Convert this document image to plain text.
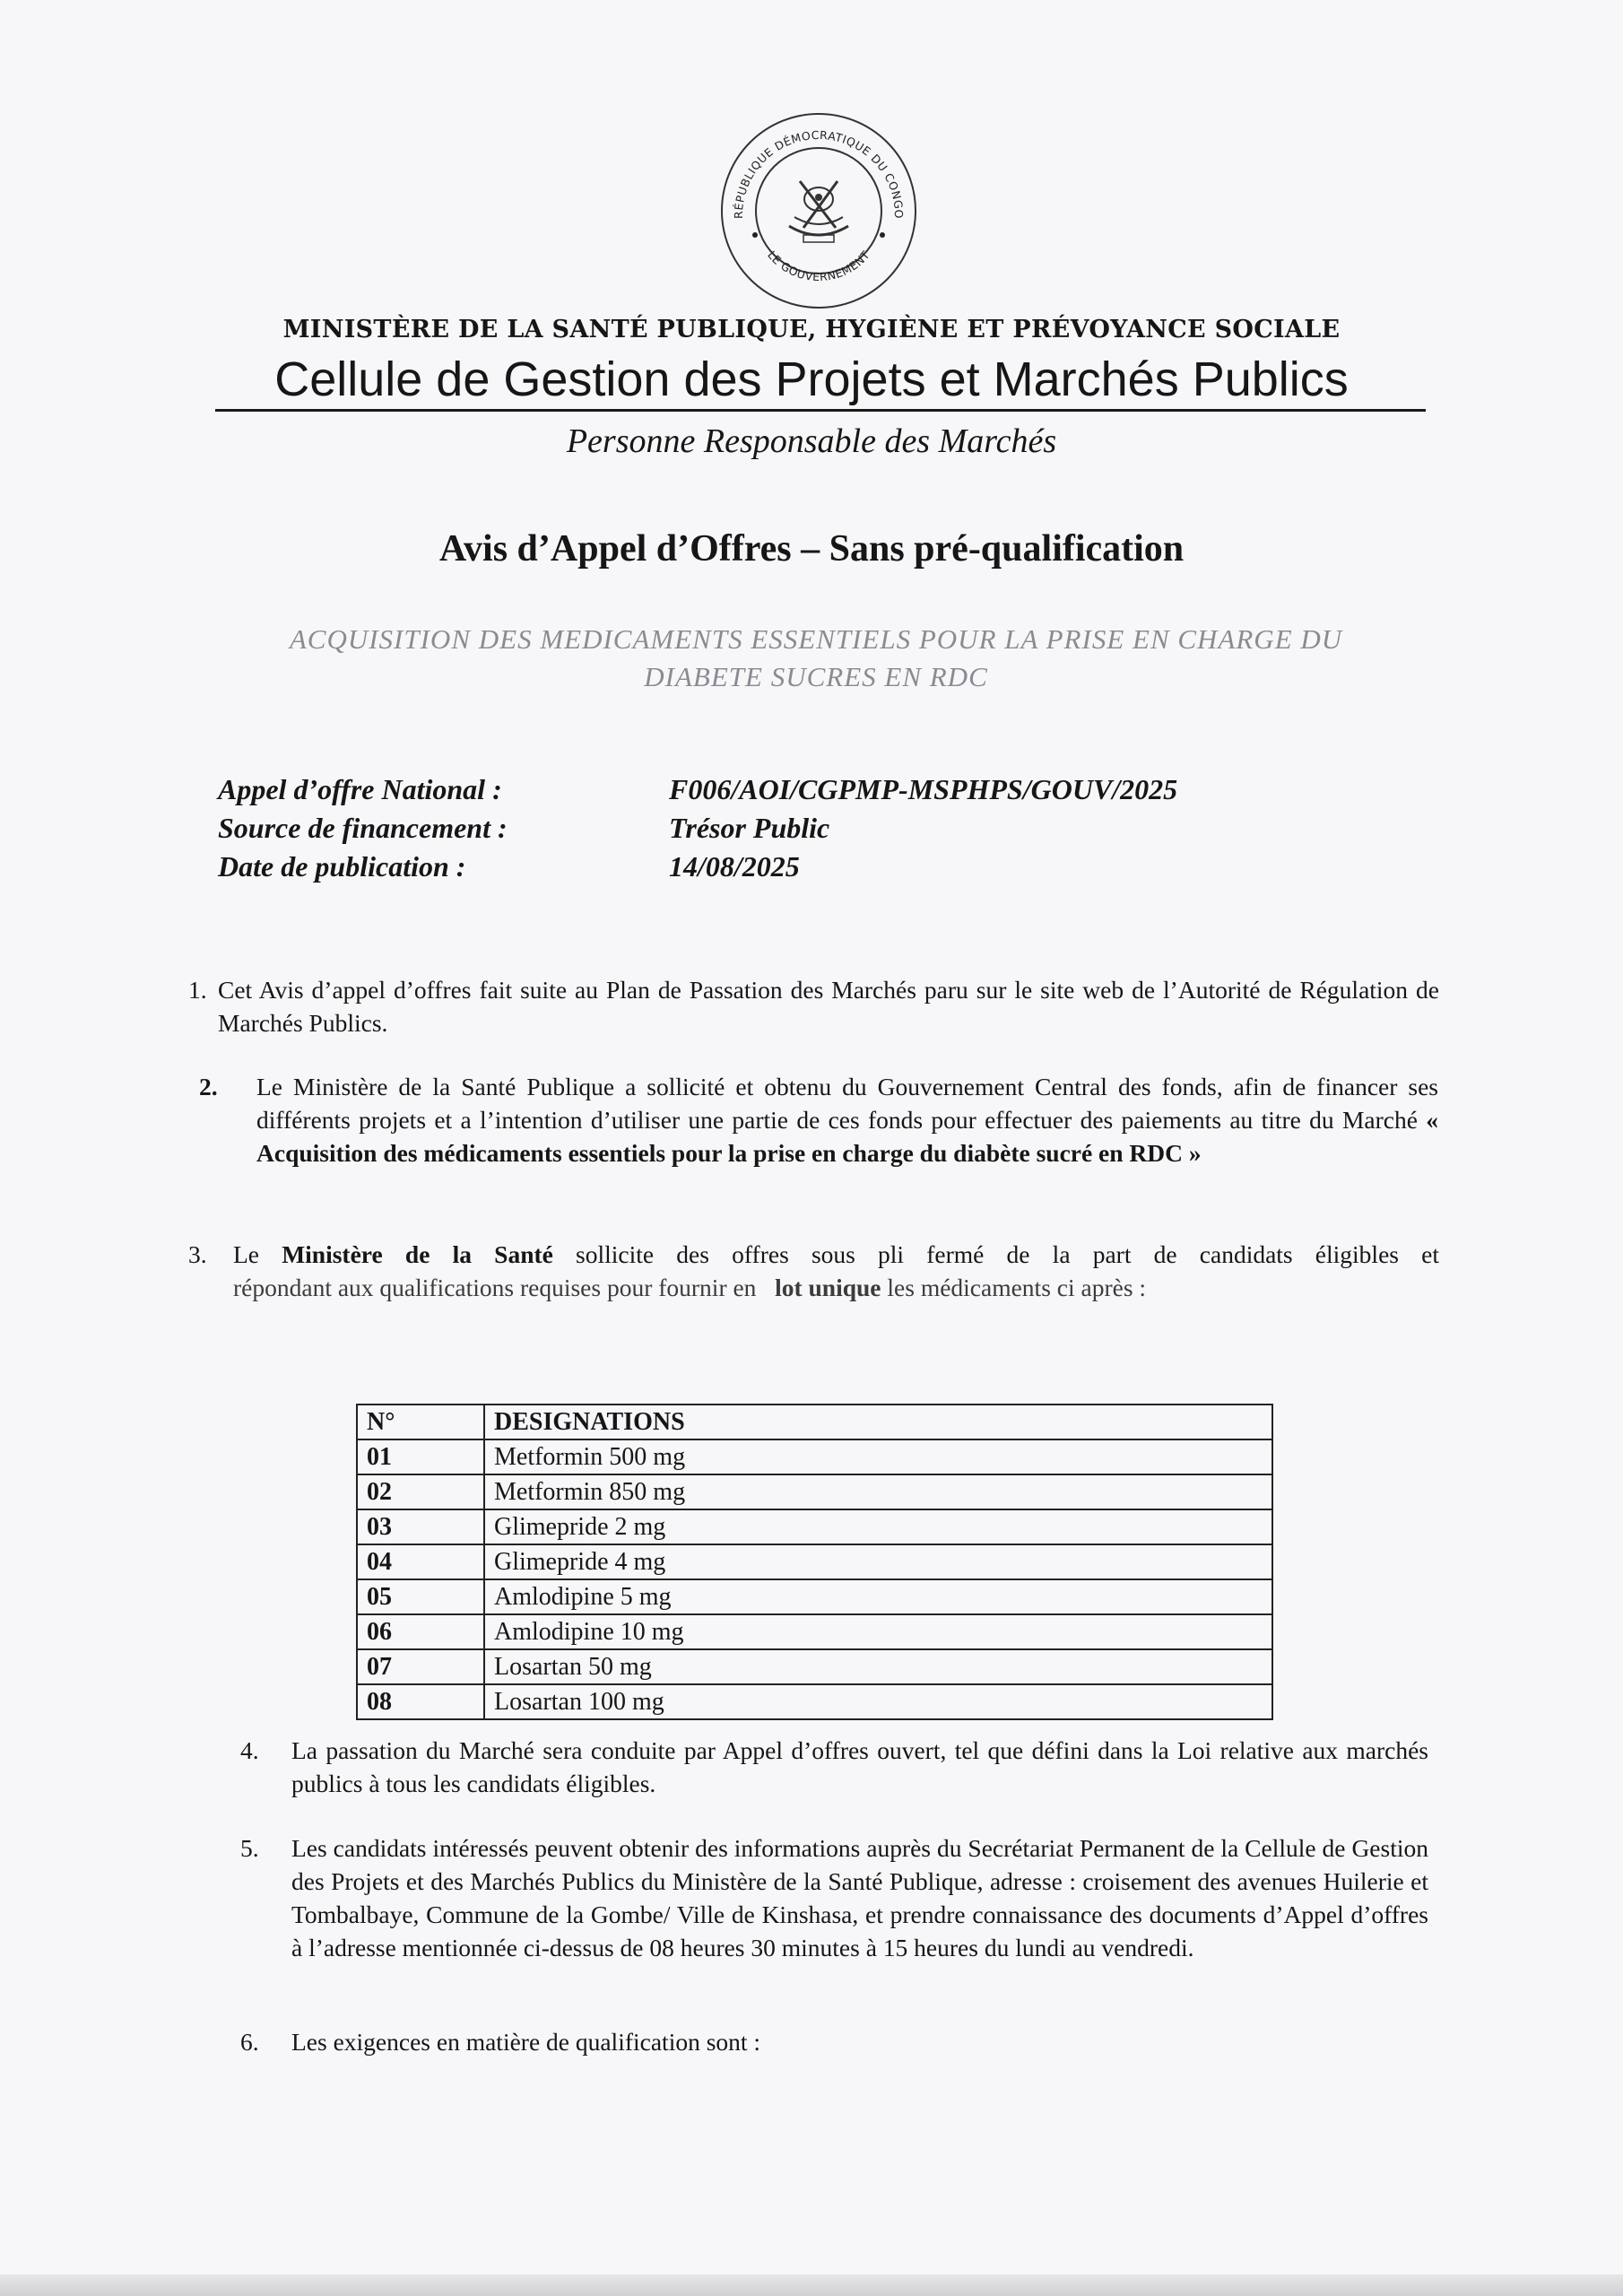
RÉPUBLIQUE DÉMOCRATIQUE DU CONGO
LE GOUVERNEMENT
MINISTÈRE DE LA SANTÉ PUBLIQUE, HYGIÈNE ET PRÉVOYANCE SOCIALE
Cellule de Gestion des Projets et Marchés Publics
Personne Responsable des Marchés
Avis d’Appel d’Offres – Sans pré-qualification
ACQUISITION DES MEDICAMENTS ESSENTIELS POUR LA PRISE EN CHARGE DU
DIABETE SUCRES EN RDC
Appel d’offre National :	F006/AOI/CGPMP-MSPHPS/GOUV/2025
Source de financement :	Trésor Public
Date de publication :	14/08/2025
1. Cet Avis d’appel d’offres fait suite au Plan de Passation des Marchés paru sur le site web de l’Autorité de Régulation de Marchés Publics.
2. Le Ministère de la Santé Publique a sollicité et obtenu du Gouvernement Central des fonds, afin de financer ses différents projets et a l’intention d’utiliser une partie de ces fonds pour effectuer des paiements au titre du Marché « Acquisition des médicaments essentiels pour la prise en charge du diabète sucré en RDC »
3. Le Ministère de la Santé sollicite des offres sous pli fermé de la part de candidats éligibles et
répondant aux qualifications requises pour fournir en lot unique les médicaments ci après :
N°	DESIGNATIONS
01	Metformin 500 mg
02	Metformin 850 mg
03	Glimepride 2 mg
04	Glimepride 4 mg
05	Amlodipine 5 mg
06	Amlodipine 10 mg
07	Losartan 50 mg
08	Losartan 100 mg
4. La passation du Marché sera conduite par Appel d’offres ouvert, tel que défini dans la Loi relative aux marchés publics à tous les candidats éligibles.
5. Les candidats intéressés peuvent obtenir des informations auprès du Secrétariat Permanent de la Cellule de Gestion des Projets et des Marchés Publics du Ministère de la Santé Publique, adresse : croisement des avenues Huilerie et Tombalbaye, Commune de la Gombe/ Ville de Kinshasa, et prendre connaissance des documents d’Appel d’offres à l’adresse mentionnée ci-dessus de 08 heures 30 minutes à 15 heures du lundi au vendredi.
6. Les exigences en matière de qualification sont :
